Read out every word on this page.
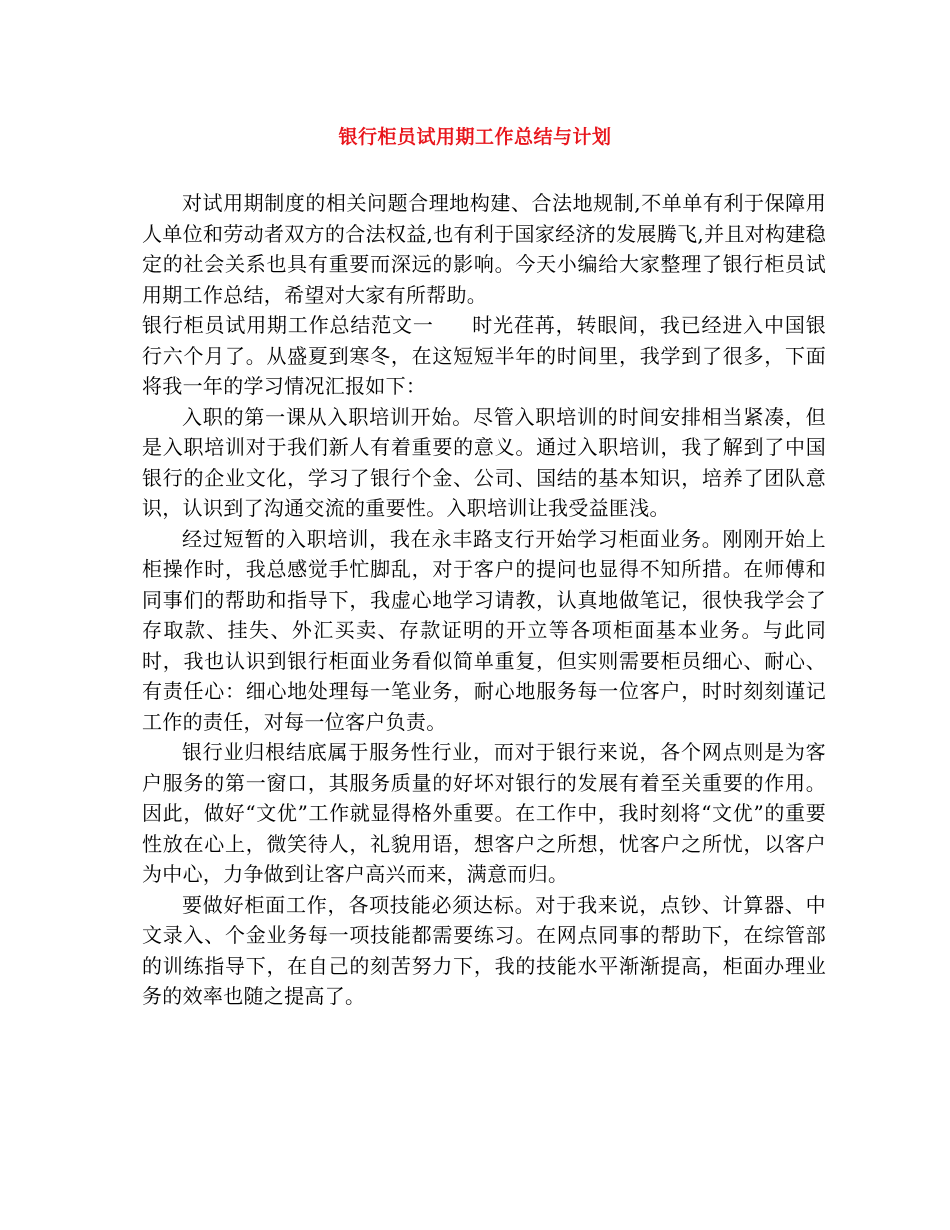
银行柜员试用期工作总结与计划

对试用期制度的相关问题合理地构建、合法地规制,不单单有利于保障用人单位和劳动者双方的合法权益,也有利于国家经济的发展腾飞,并且对构建稳定的社会关系也具有重要而深远的影响。今天小编给大家整理了银行柜员试用期工作总结，希望对大家有所帮助。

银行柜员试用期工作总结范文一 时光荏苒，转眼间，我已经进入中国银行六个月了。从盛夏到寒冬，在这短短半年的时间里，我学到了很多，下面将我一年的学习情况汇报如下：

入职的第一课从入职培训开始。尽管入职培训的时间安排相当紧凑，但是入职培训对于我们新人有着重要的意义。通过入职培训，我了解到了中国银行的企业文化，学习了银行个金、公司、国结的基本知识，培养了团队意识，认识到了沟通交流的重要性。入职培训让我受益匪浅。

经过短暂的入职培训，我在永丰路支行开始学习柜面业务。刚刚开始上柜操作时，我总感觉手忙脚乱，对于客户的提问也显得不知所措。在师傅和同事们的帮助和指导下，我虚心地学习请教，认真地做笔记，很快我学会了存取款、挂失、外汇买卖、存款证明的开立等各项柜面基本业务。与此同时，我也认识到银行柜面业务看似简单重复，但实则需要柜员细心、耐心、有责任心：细心地处理每一笔业务，耐心地服务每一位客户，时时刻刻谨记工作的责任，对每一位客户负责。

银行业归根结底属于服务性行业，而对于银行来说，各个网点则是为客户服务的第一窗口，其服务质量的好坏对银行的发展有着至关重要的作用。因此，做好“文优”工作就显得格外重要。在工作中，我时刻将“文优”的重要性放在心上，微笑待人，礼貌用语，想客户之所想，忧客户之所忧，以客户为中心，力争做到让客户高兴而来，满意而归。

要做好柜面工作，各项技能必须达标。对于我来说，点钞、计算器、中文录入、个金业务每一项技能都需要练习。在网点同事的帮助下，在综管部的训练指导下，在自己的刻苦努力下，我的技能水平渐渐提高，柜面办理业务的效率也随之提高了。
